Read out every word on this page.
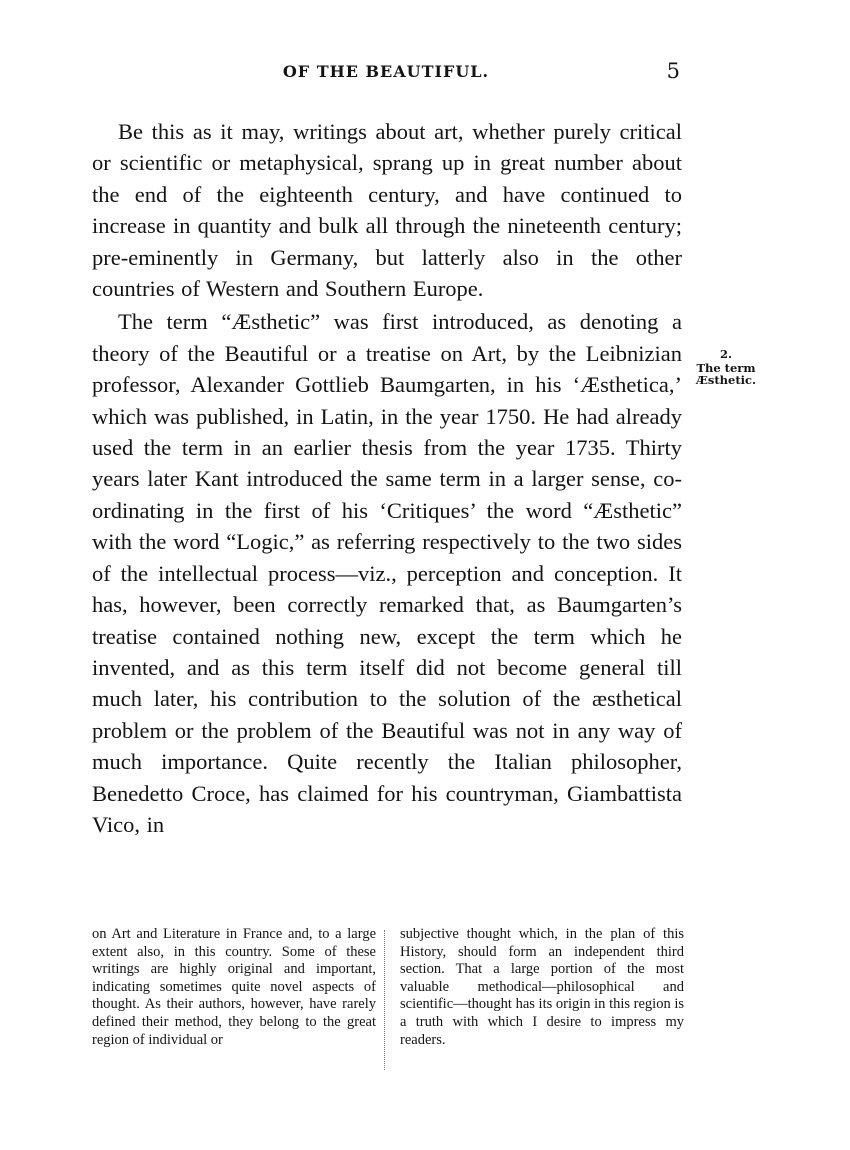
OF THE BEAUTIFUL.	5

Be this as it may, writings about art, whether purely critical or scientific or metaphysical, sprang up in great number about the end of the eighteenth century, and have continued to increase in quantity and bulk all through the nineteenth century; pre-eminently in Germany, but latterly also in the other countries of Western and Southern Europe.

The term “Æsthetic” was first introduced, as denoting a theory of the Beautiful or a treatise on Art, by the Leibnizian professor, Alexander Gottlieb Baumgarten, in his ‘Æsthetica,’ which was published, in Latin, in the year 1750. He had already used the term in an earlier thesis from the year 1735. Thirty years later Kant introduced the same term in a larger sense, co-ordinating in the first of his ‘Critiques’ the word “Æsthetic” with the word “Logic,” as referring respectively to the two sides of the intellectual process—viz., perception and conception. It has, however, been correctly remarked that, as Baumgarten’s treatise contained nothing new, except the term which he invented, and as this term itself did not become general till much later, his contribution to the solution of the æsthetical problem or the problem of the Beautiful was not in any way of much importance. Quite recently the Italian philosopher, Benedetto Croce, has claimed for his countryman, Giambattista Vico, in

2.
The term
Æsthetic.
on Art and Literature in France and, to a large extent also, in this country. Some of these writings are highly original and important, indicating sometimes quite novel aspects of thought. As their authors, however, have rarely defined their method, they belong to the great region of individual or
subjective thought which, in the plan of this History, should form an independent third section. That a large portion of the most valuable methodical—philosophical and scientific—thought has its origin in this region is a truth with which I desire to impress my readers.
